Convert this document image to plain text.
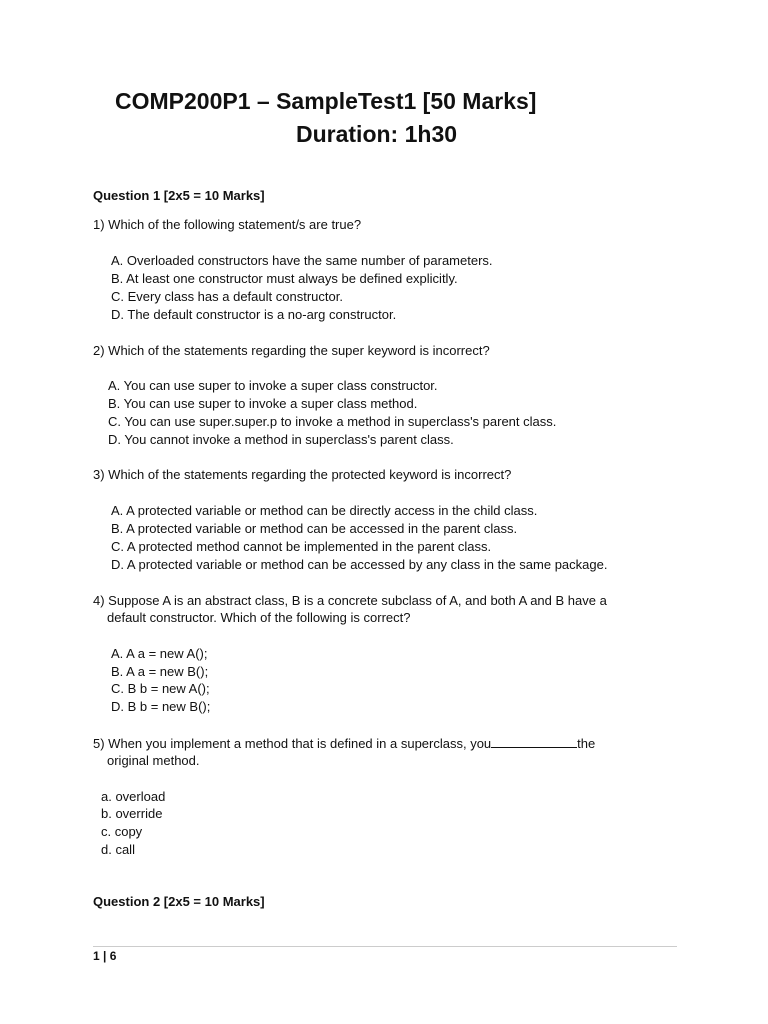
COMP200P1 – SampleTest1 [50 Marks]
Duration: 1h30
Question 1 [2x5 = 10 Marks]
1) Which of the following statement/s are true?
A. Overloaded constructors have the same number of parameters.
B. At least one constructor must always be defined explicitly.
C. Every class has a default constructor.
D. The default constructor is a no-arg constructor.
2) Which of the statements regarding the super keyword is incorrect?
A. You can use super to invoke a super class constructor.
B. You can use super to invoke a super class method.
C. You can use super.super.p to invoke a method in superclass's parent class.
D. You cannot invoke a method in superclass's parent class.
3) Which of the statements regarding the protected keyword is incorrect?
A. A protected variable or method can be directly access in the child class.
B. A protected variable or method can be accessed in the parent class.
C. A protected method cannot be implemented in the parent class.
D. A protected variable or method can be accessed by any class in the same package.
4) Suppose A is an abstract class, B is a concrete subclass of A, and both A and B have a
default constructor. Which of the following is correct?
A. A a = new A();
B. A a = new B();
C. B b = new A();
D. B b = new B();
5) When you implement a method that is defined in a superclass, you	the
original method.
a. overload
b. override
c. copy
d. call
Question 2 [2x5 = 10 Marks]
1 | 6
